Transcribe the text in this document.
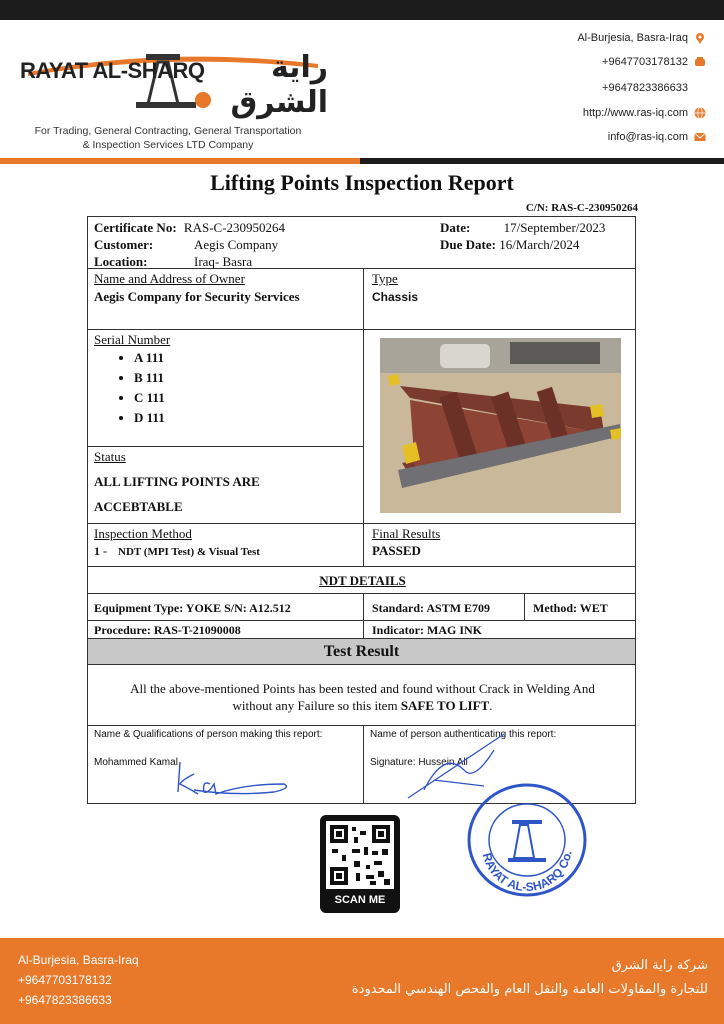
RAYAT AL-SHARQ	راية الشرق
For Trading, General Contracting, General Transportation
& Inspection Services LTD Company
Al-Burjesia, Basra-Iraq
+9647703178132
+9647823386633
http://www.ras-iq.com
info@ras-iq.com
Lifting Points Inspection Report
C/N: RAS-C-230950264
Certificate No: RAS-C-230950264
Customer:	Aegis Company
Location:	Iraq- Basra
Date:	17/September/2023
Due Date: 16/March/2024
Name and Address of Owner
Aegis Company for Security Services
Type
Chassis
Serial Number
• A 111
• B 111
• C 111
• D 111
Status
ALL LIFTING POINTS ARE
ACCEBTABLE
Inspection Method
1 - NDT (MPI Test) & Visual Test
Final Results
PASSED
NDT DETAILS
Equipment Type: YOKE S/N: A12.512	Standard: ASTM E709	Method: WET
Procedure: RAS-T-21090008	Indicator: MAG INK
Test Result
All the above-mentioned Points has been tested and found without Crack in Welding And
without any Failure so this item SAFE TO LIFT.
Name & Qualifications of person making this report:
Mohammed Kamal
Name of person authenticating this report:
Signature: Hussein Ali
SCAN ME
RAYAT AL-SHARQ Co.
Al-Burjesia, Basra-Iraq
+9647703178132
+9647823386633
شركة راية الشرق
للتجارة والمقاولات العامة والنقل العام والفحص الهندسي المحدودة
